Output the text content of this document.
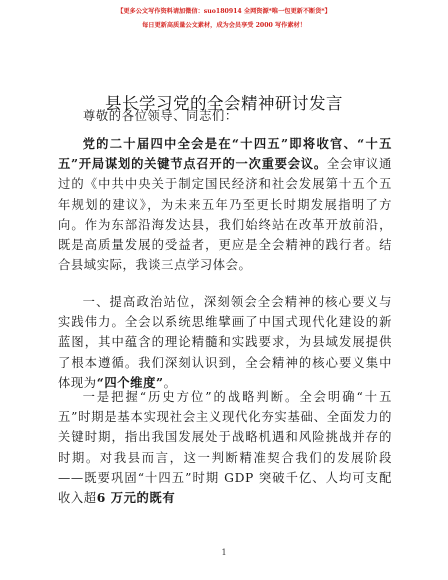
【更多公文写作资料请加微信：suo180914 全网资源*唯一包更新不断货*】
每日更新高质量公文素材，成为会员享受 2000 写作素材！
县长学习党的全会精神研讨发言
尊敬的各位领导、同志们：
党的二十届四中全会是在“十四五”即将收官、“十五五”开局谋划的关键节点召开的一次重要会议。全会审议通过的《中共中央关于制定国民经济和社会发展第十五个五年规划的建议》，为未来五年乃至更长时期发展指明了方向。作为东部沿海发达县，我们始终站在改革开放前沿，既是高质量发展的受益者，更应是全会精神的践行者。结合县域实际，我谈三点学习体会。
一、提高政治站位，深刻领会全会精神的核心要义与实践伟力。全会以系统思维擘画了中国式现代化建设的新蓝图，其中蕴含的理论精髓和实践要求，为县域发展提供了根本遵循。我们深刻认识到，全会精神的核心要义集中体现为“四个维度”。
一是把握“历史方位”的战略判断。全会明确“十五五”时期是基本实现社会主义现代化夯实基础、全面发力的关键时期，指出我国发展处于战略机遇和风险挑战并存的时期。对我县而言，这一判断精准契合我们的发展阶段——既要巩固“十四五”时期 GDP 突破千亿、人均可支配收入超6 万元的既有
1
